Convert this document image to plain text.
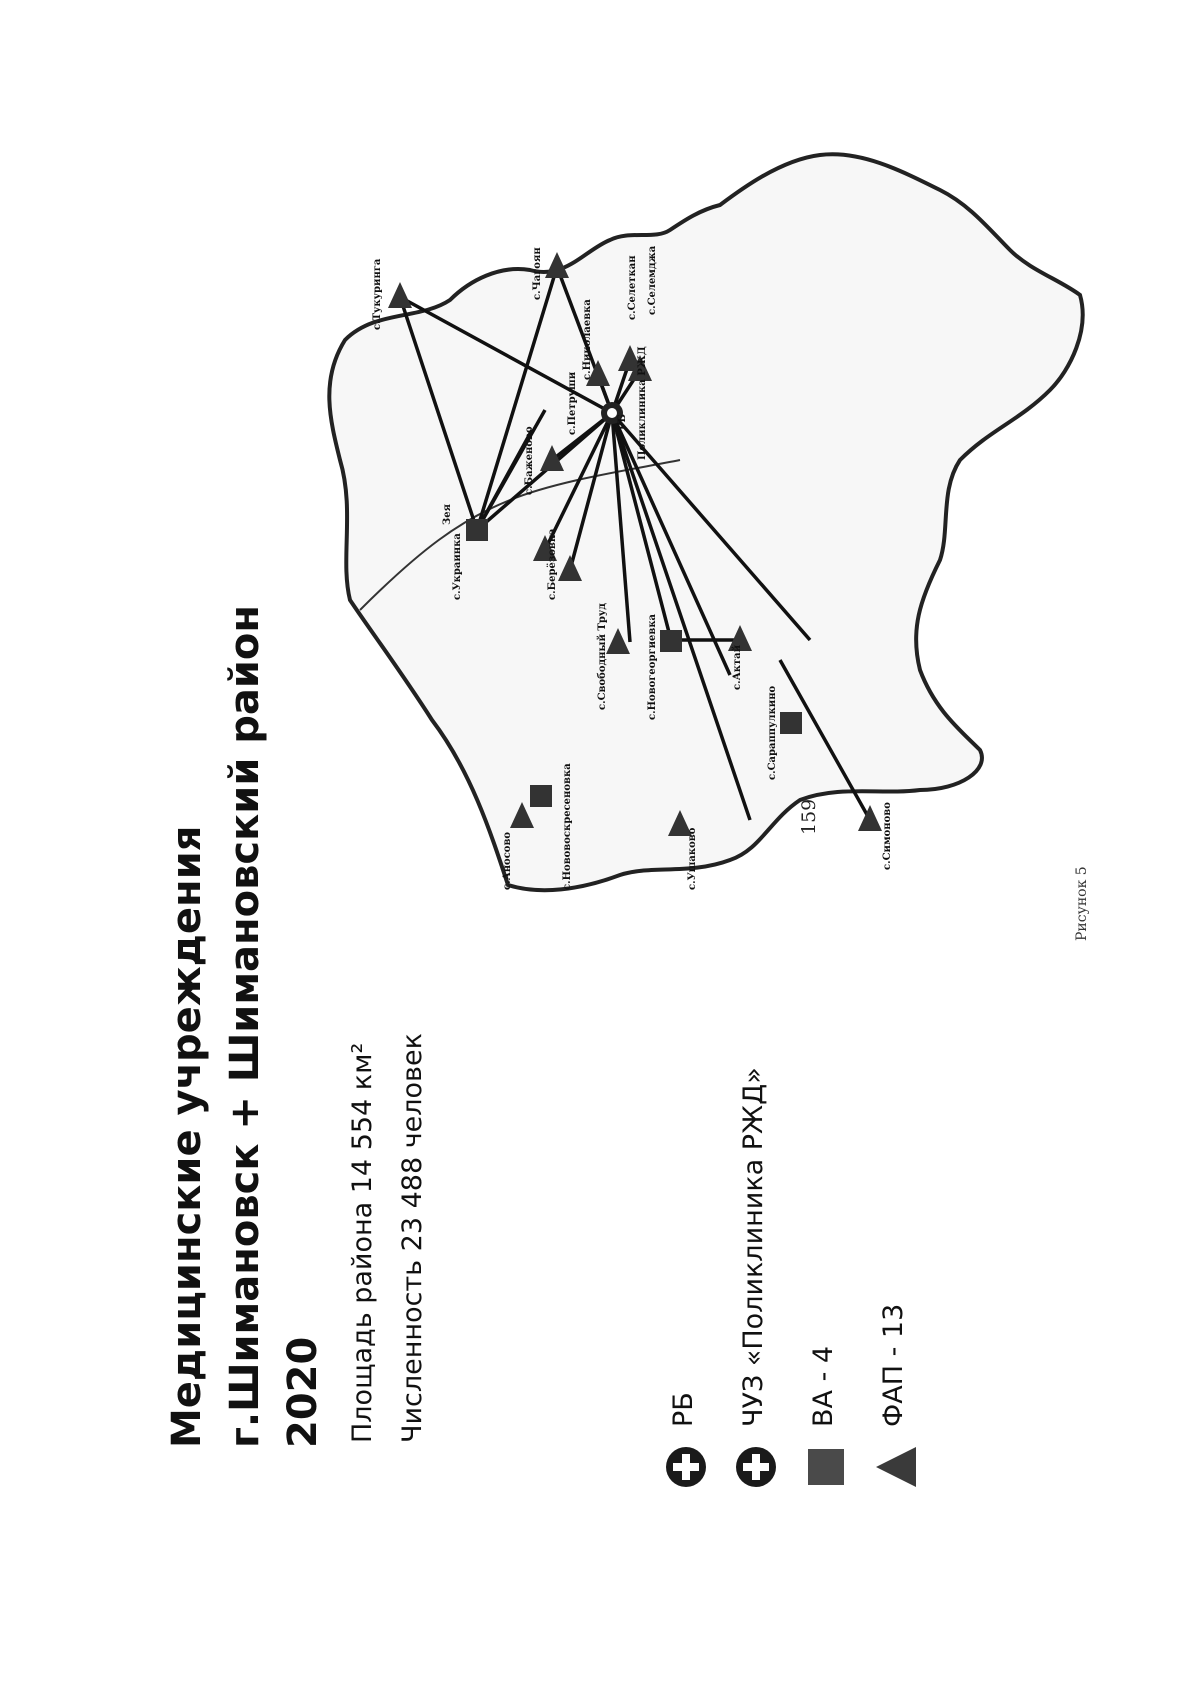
159
Зея
с.Тукуринга	с.Чагоян
с.Баженово
с.Николаевка
с.Украинка	с.Берёзовка
с.Петруши
с.Свободный Труд	с.Новогеоргиевка	с.Актай
с.Сараппулкино
с.Симоново
с.Аносово	с.Нововоскресеновка	с.Ушаково
с.Селеткан с.Селемджа
РБ Поликлиника РЖД
Медицинские учреждения г.Шимановск + Шимановский район 2020 Площадь района 14 554 км² Численность 23 488 человек	РБ ЧУЗ «Поликлиника РЖД» ВА - 4 ФАП - 13
Рисунок 5
